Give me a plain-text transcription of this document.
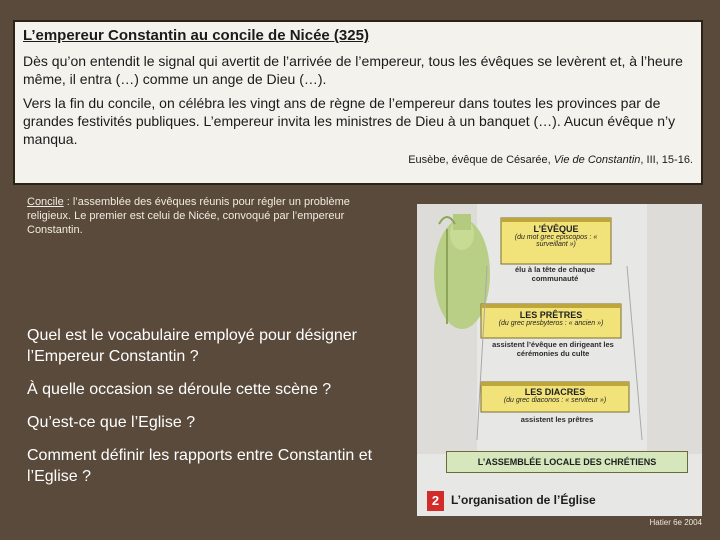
L’empereur Constantin au concile de Nicée (325)

Dès qu’on entendit le signal qui avertit de l’arrivée de l’empereur, tous les évêques se levèrent et, à l’heure même, il entra (…) comme un ange de Dieu (…).

Vers la fin du concile, on célébra les vingt ans de règne de l’empereur dans toutes les provinces par de grandes festivités publiques. L’empereur invita les ministres de Dieu à un banquet (…). Aucun évêque n’y manqua.

Eusèbe, évêque de Césarée, Vie de Constantin, III, 15-16.
Concile : l’assemblée des évêques réunis pour régler un problème religieux. Le premier est celui de Nicée, convoqué par l’empereur Constantin.

Quel est le vocabulaire employé pour désigner l’Empereur Constantin ?

À quelle occasion se déroule cette scène ?

Qu’est-ce que l’Eglise ?

Comment définir les rapports entre Constantin et l’Eglise ?

L’ÉVÊQUE
(du mot grec episcopos : « surveillant »)
élu à la tête de chaque communauté
LES PRÊTRES
(du grec presbyteros : « ancien »)
assistent l’évêque en dirigeant les cérémonies du culte
LES DIACRES
(du grec diaconos : « serviteur »)
assistent les prêtres
L’ASSEMBLÉE LOCALE DES CHRÉTIENS
2 L’organisation de l’Église
Hatier 6e 2004
